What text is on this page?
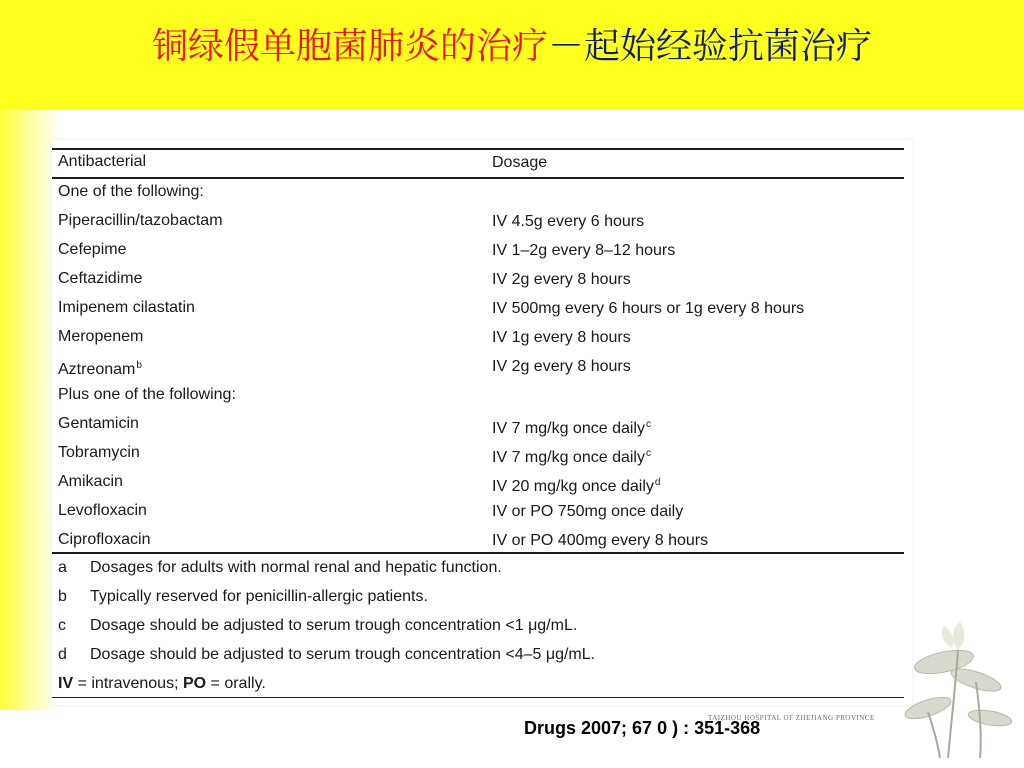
铜绿假单胞菌肺炎的治疗－起始经验抗菌治疗
Antibacterial	Dosage
One of the following:
Piperacillin/tazobactam	IV 4.5g every 6 hours
Cefepime	IV 1–2g every 8–12 hours
Ceftazidime	IV 2g every 8 hours
Imipenem cilastatin	IV 500mg every 6 hours or 1g every 8 hours
Meropenem	IV 1g every 8 hours
Aztreonam$^b$	IV 2g every 8 hours
Plus one of the following:
Gentamicin	IV 7 mg/kg once daily$^c$
Tobramycin	IV 7 mg/kg once daily$^c$
Amikacin	IV 20 mg/kg once daily$^d$
Levofloxacin	IV or PO 750mg once daily
Ciprofloxacin	IV or PO 400mg every 8 hours
a Dosages for adults with normal renal and hepatic function.
b Typically reserved for penicillin-allergic patients.
c Dosage should be adjusted to serum trough concentration <1 μg/mL.
d Dosage should be adjusted to serum trough concentration <4–5 μg/mL.
IV = intravenous; PO = orally.
TAIZHOU HOSPITAL OF ZHEJIANG PROVINCE
Drugs 2007; 67 0 ) : 351-368
